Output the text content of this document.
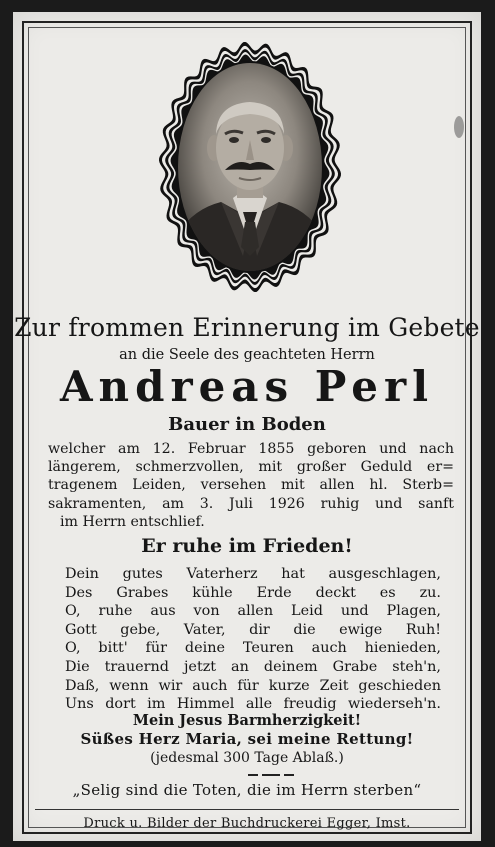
Zur frommen Erinnerung im Gebete
an die Seele des geachteten Herrn
Andreas Perl
Bauer in Boden
welcher am 12. Februar 1855 geboren und nach
längerem, schmerzvollen, mit großer Geduld er=
tragenem Leiden, versehen mit allen hl. Sterb=
sakramenten, am 3. Juli 1926 ruhig und sanft
im Herrn entschlief.
Er ruhe im Frieden!
Dein gutes Vaterherz hat ausgeschlagen,
Des Grabes kühle Erde deckt es zu.
O, ruhe aus von allen Leid und Plagen,
Gott gebe, Vater, dir die ewige Ruh!
O, bitt' für deine Teuren auch hienieden,
Die trauernd jetzt an deinem Grabe steh'n,
Daß, wenn wir auch für kurze Zeit geschieden
Uns dort im Himmel alle freudig wiederseh'n.
Mein Jesus Barmherzigkeit!
Süßes Herz Maria, sei meine Rettung!
(jedesmal 300 Tage Ablaß.)
„Selig sind die Toten, die im Herrn sterben“
Druck u. Bilder der Buchdruckerei Egger, Imst.
